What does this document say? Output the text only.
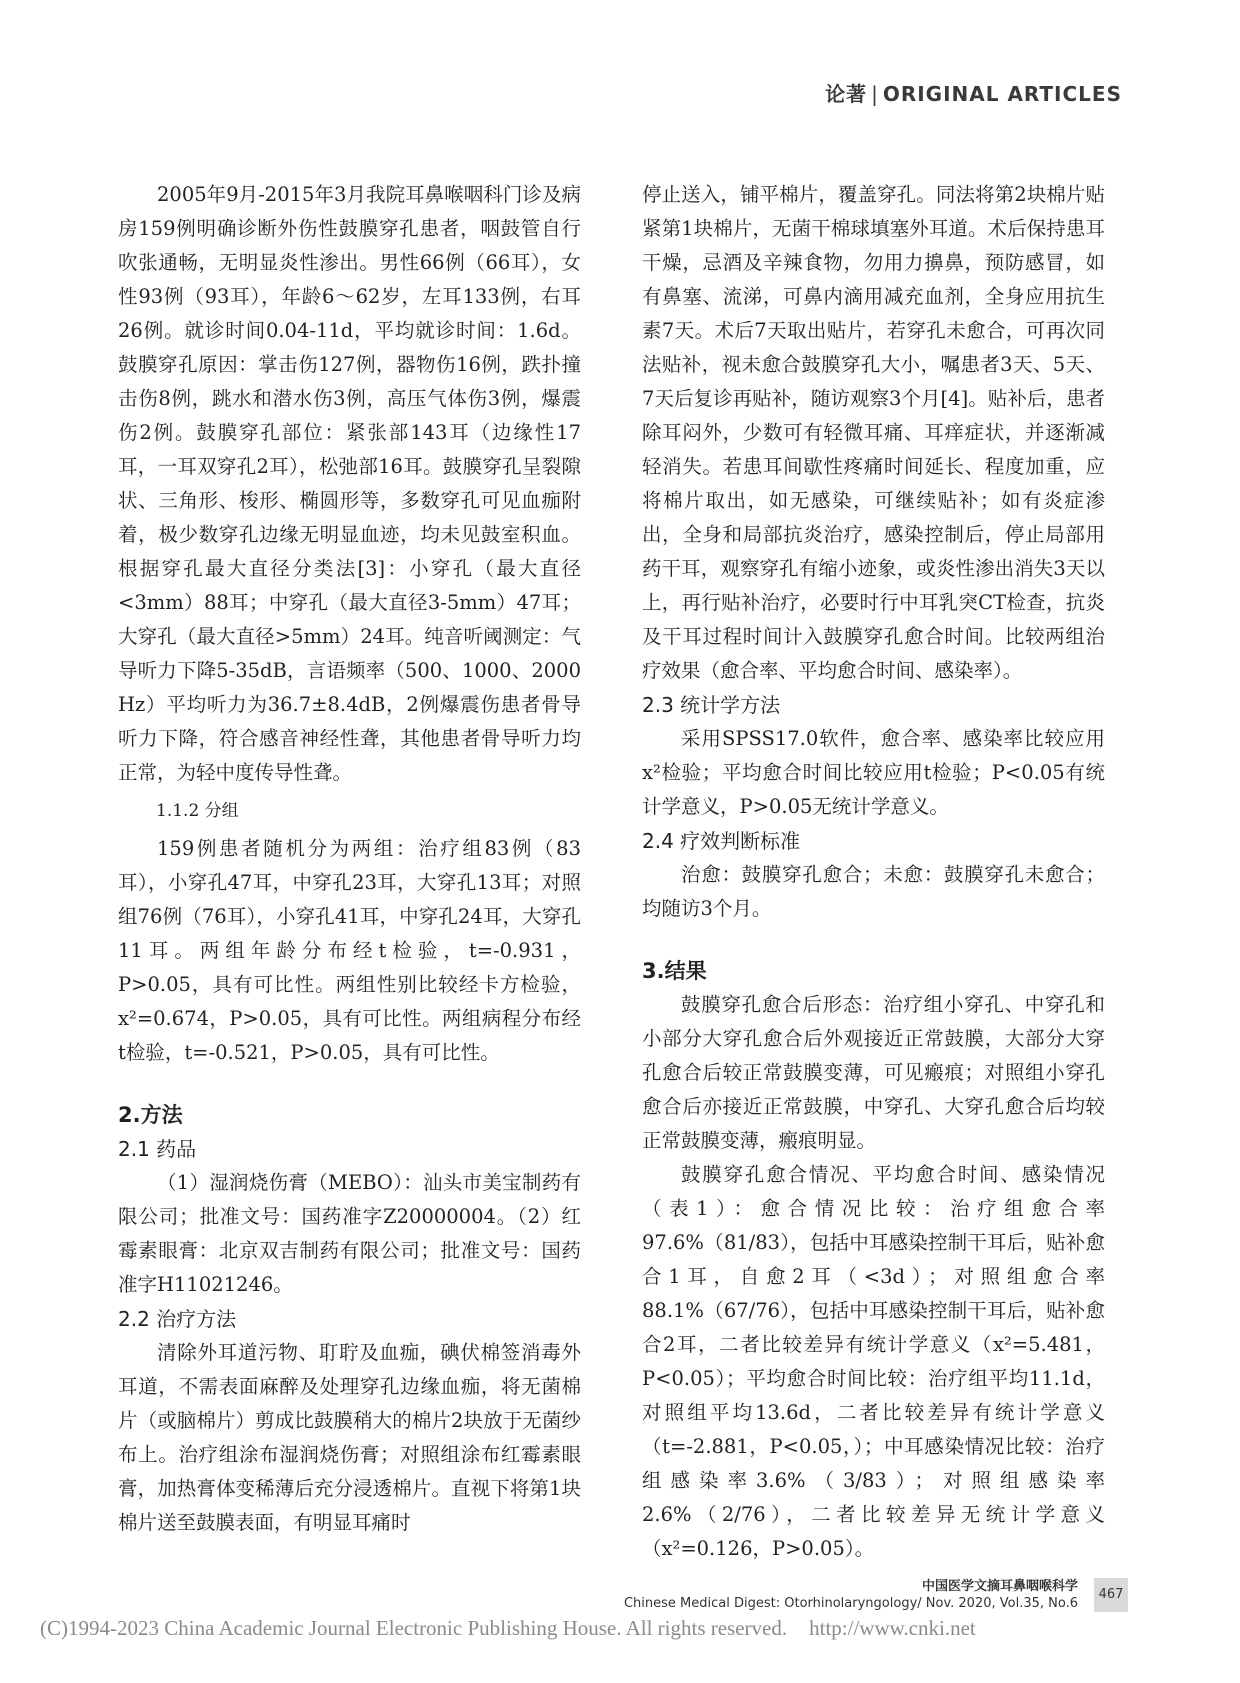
论著 | ORIGINAL ARTICLES

2005年9月-2015年3月我院耳鼻喉咽科门诊及病房159例明确诊断外伤性鼓膜穿孔患者，咽鼓管自行吹张通畅，无明显炎性渗出。男性66例（66耳），女性93例（93耳），年龄6～62岁，左耳133例，右耳26例。就诊时间0.04-11d，平均就诊时间：1.6d。鼓膜穿孔原因：掌击伤127例，器物伤16例，跌扑撞击伤8例，跳水和潜水伤3例，高压气体伤3例，爆震伤2例。鼓膜穿孔部位：紧张部143耳（边缘性17耳，一耳双穿孔2耳），松弛部16耳。鼓膜穿孔呈裂隙状、三角形、梭形、椭圆形等，多数穿孔可见血痂附着，极少数穿孔边缘无明显血迹，均未见鼓室积血。根据穿孔最大直径分类法[3]：小穿孔（最大直径<3mm）88耳；中穿孔（最大直径3-5mm）47耳；大穿孔（最大直径>5mm）24耳。纯音听阈测定：气导听力下降5-35dB，言语频率（500、1000、2000 Hz）平均听力为36.7±8.4dB，2例爆震伤患者骨导听力下降，符合感音神经性聋，其他患者骨导听力均正常，为轻中度传导性聋。

1.1.2 分组

159例患者随机分为两组：治疗组83例（83耳），小穿孔47耳，中穿孔23耳，大穿孔13耳；对照组76例（76耳），小穿孔41耳，中穿孔24耳，大穿孔11耳。两组年龄分布经t检验，t=-0.931，P>0.05，具有可比性。两组性别比较经卡方检验，x²=0.674，P>0.05，具有可比性。两组病程分布经t检验，t=-0.521，P>0.05，具有可比性。

2.方法
2.1 药品

（1）湿润烧伤膏（MEBO）：汕头市美宝制药有限公司；批准文号：国药准字Z20000004。（2）红霉素眼膏：北京双吉制药有限公司；批准文号：国药准字H11021246。

2.2 治疗方法

清除外耳道污物、耵聍及血痂，碘伏棉签消毒外耳道，不需表面麻醉及处理穿孔边缘血痂，将无菌棉片（或脑棉片）剪成比鼓膜稍大的棉片2块放于无菌纱布上。治疗组涂布湿润烧伤膏；对照组涂布红霉素眼膏，加热膏体变稀薄后充分浸透棉片。直视下将第1块棉片送至鼓膜表面，有明显耳痛时

停止送入，铺平棉片，覆盖穿孔。同法将第2块棉片贴紧第1块棉片，无菌干棉球填塞外耳道。术后保持患耳干燥，忌酒及辛辣食物，勿用力擤鼻，预防感冒，如有鼻塞、流涕，可鼻内滴用减充血剂，全身应用抗生素7天。术后7天取出贴片，若穿孔未愈合，可再次同法贴补，视未愈合鼓膜穿孔大小，嘱患者3天、5天、7天后复诊再贴补，随访观察3个月[4]。贴补后，患者除耳闷外，少数可有轻微耳痛、耳痒症状，并逐渐减轻消失。若患耳间歇性疼痛时间延长、程度加重，应将棉片取出，如无感染，可继续贴补；如有炎症渗出，全身和局部抗炎治疗，感染控制后，停止局部用药干耳，观察穿孔有缩小迹象，或炎性渗出消失3天以上，再行贴补治疗，必要时行中耳乳突CT检查，抗炎及干耳过程时间计入鼓膜穿孔愈合时间。比较两组治疗效果（愈合率、平均愈合时间、感染率）。

2.3 统计学方法

采用SPSS17.0软件，愈合率、感染率比较应用x²检验；平均愈合时间比较应用t检验；P<0.05有统计学意义，P>0.05无统计学意义。

2.4 疗效判断标准

治愈：鼓膜穿孔愈合；未愈：鼓膜穿孔未愈合；均随访3个月。

3.结果

鼓膜穿孔愈合后形态：治疗组小穿孔、中穿孔和小部分大穿孔愈合后外观接近正常鼓膜，大部分大穿孔愈合后较正常鼓膜变薄，可见瘢痕；对照组小穿孔愈合后亦接近正常鼓膜，中穿孔、大穿孔愈合后均较正常鼓膜变薄，瘢痕明显。

鼓膜穿孔愈合情况、平均愈合时间、感染情况（表1）：愈合情况比较：治疗组愈合率97.6%（81/83），包括中耳感染控制干耳后，贴补愈合1耳，自愈2耳（<3d）；对照组愈合率88.1%（67/76），包括中耳感染控制干耳后，贴补愈合2耳，二者比较差异有统计学意义（x²=5.481，P<0.05）；平均愈合时间比较：治疗组平均11.1d，对照组平均13.6d，二者比较差异有统计学意义（t=-2.881，P<0.05，）；中耳感染情况比较：治疗组感染率3.6%（3/83）；对照组感染率2.6%（2/76），二者比较差异无统计学意义（x²=0.126，P>0.05）。

中国医学文摘耳鼻咽喉科学
Chinese Medical Digest: Otorhinolaryngology/ Nov. 2020, Vol.35, No.6
467
(C)1994-2023 China Academic Journal Electronic Publishing House. All rights reserved. http://www.cnki.net
